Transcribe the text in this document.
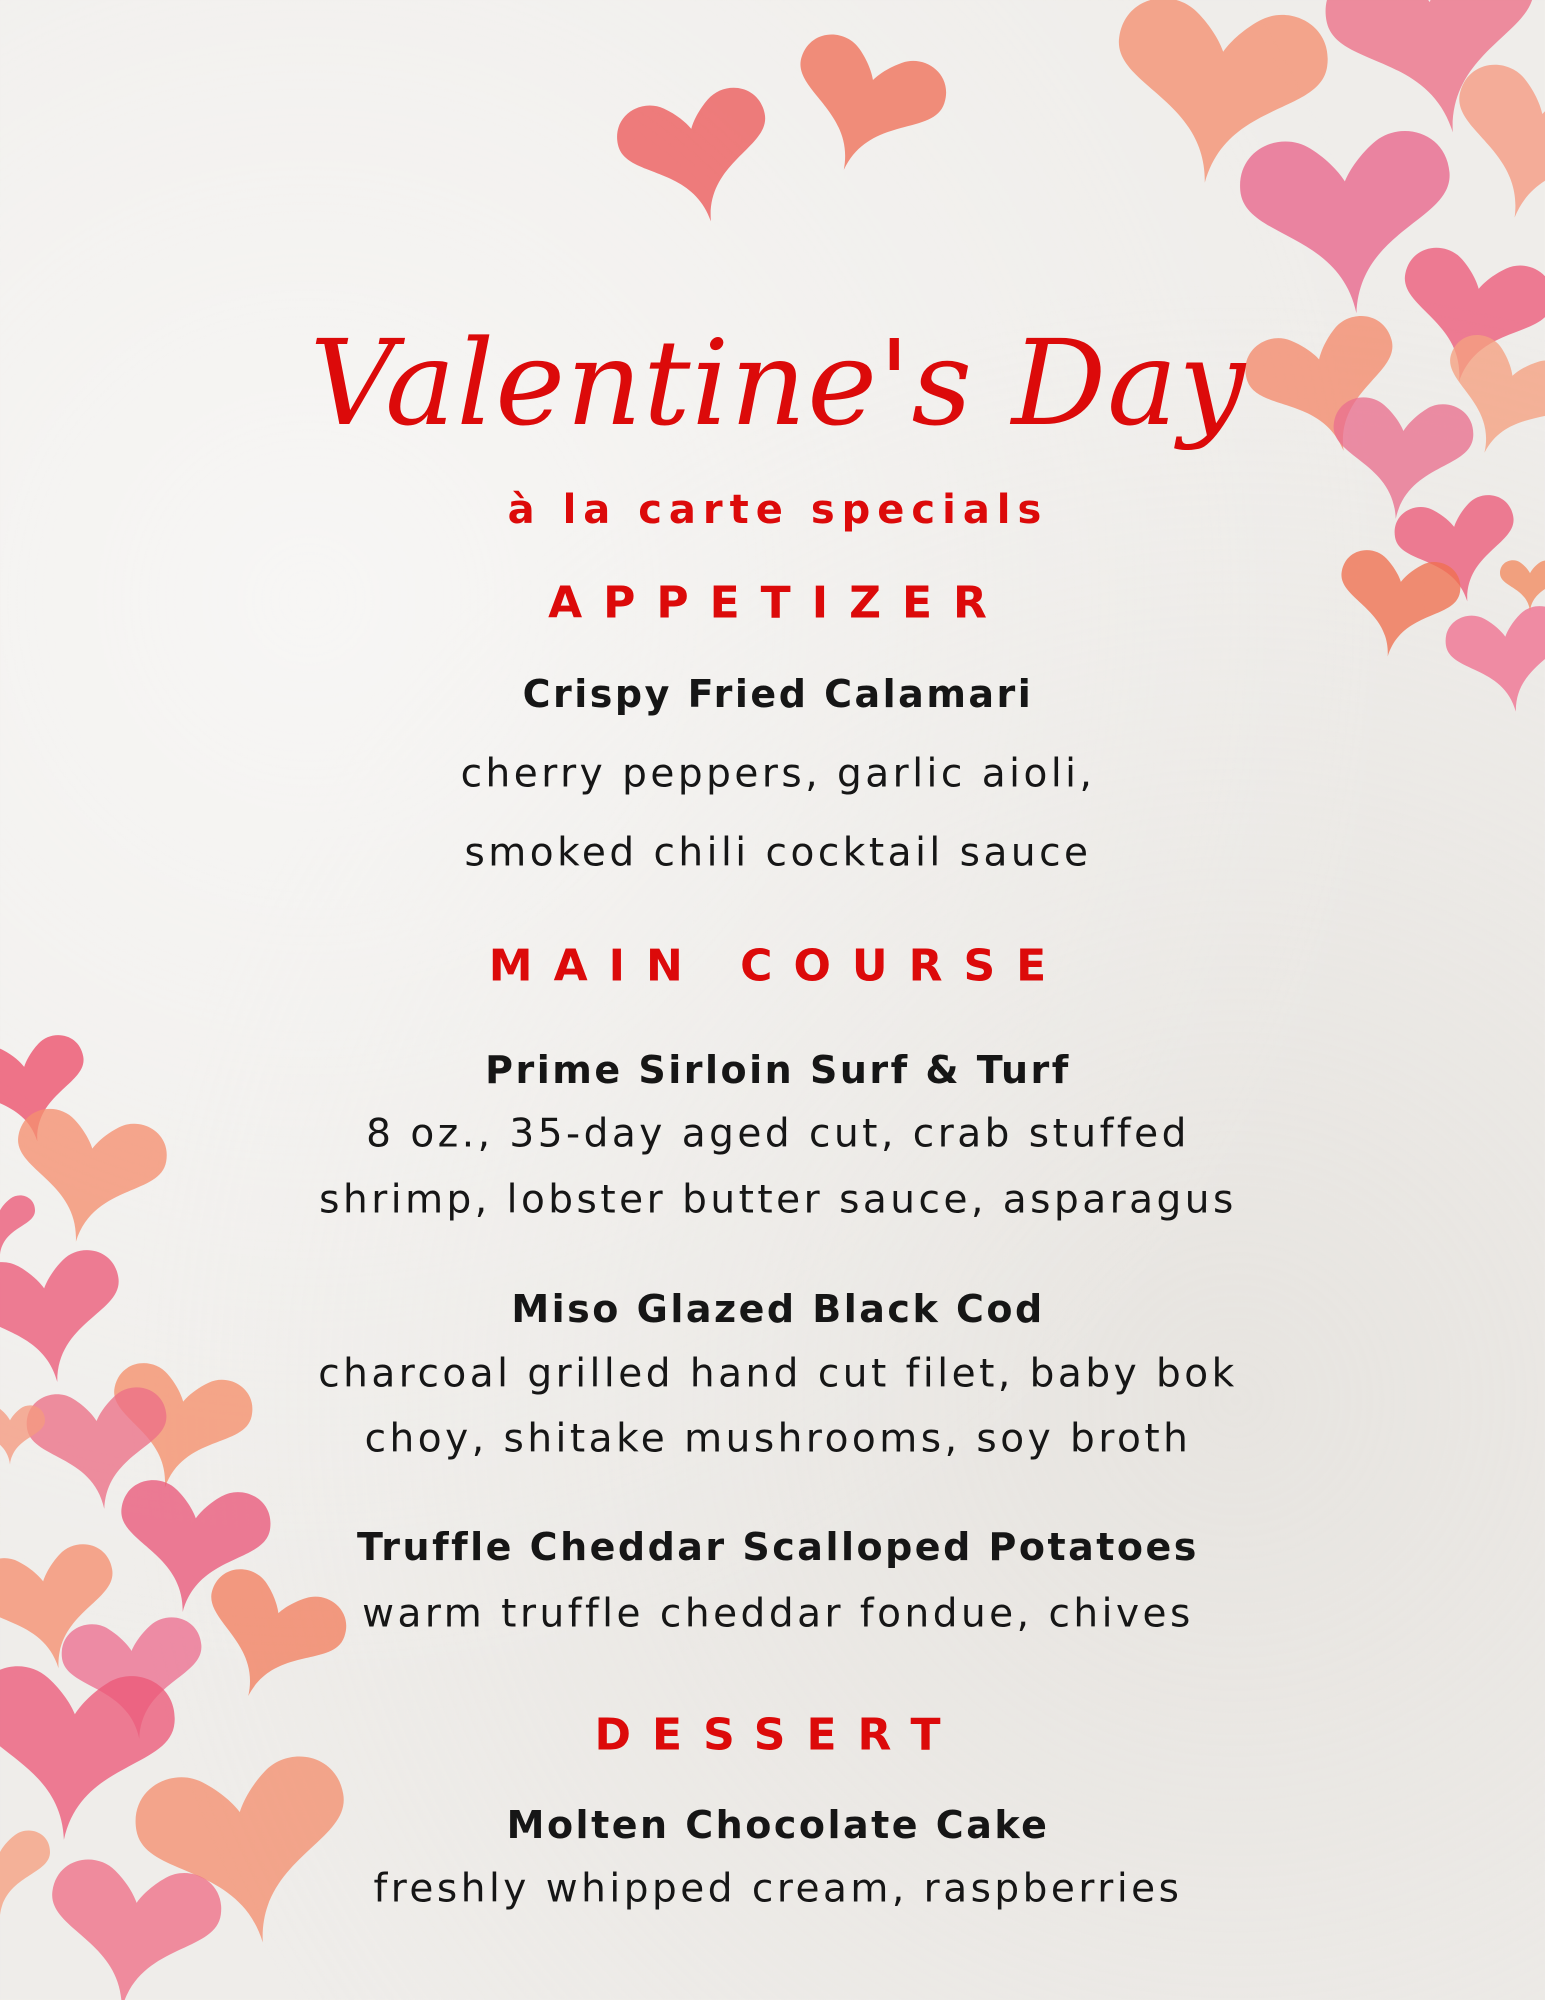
Valentine's Day
à la carte specials
APPETIZER
Crispy Fried Calamari
cherry peppers, garlic aioli,
smoked chili cocktail sauce
MAIN COURSE
Prime Sirloin Surf & Turf
8 oz., 35-day aged cut, crab stuffed
shrimp, lobster butter sauce, asparagus
Miso Glazed Black Cod
charcoal grilled hand cut filet, baby bok
choy, shitake mushrooms, soy broth
Truffle Cheddar Scalloped Potatoes
warm truffle cheddar fondue, chives
DESSERT
Molten Chocolate Cake
freshly whipped cream, raspberries
